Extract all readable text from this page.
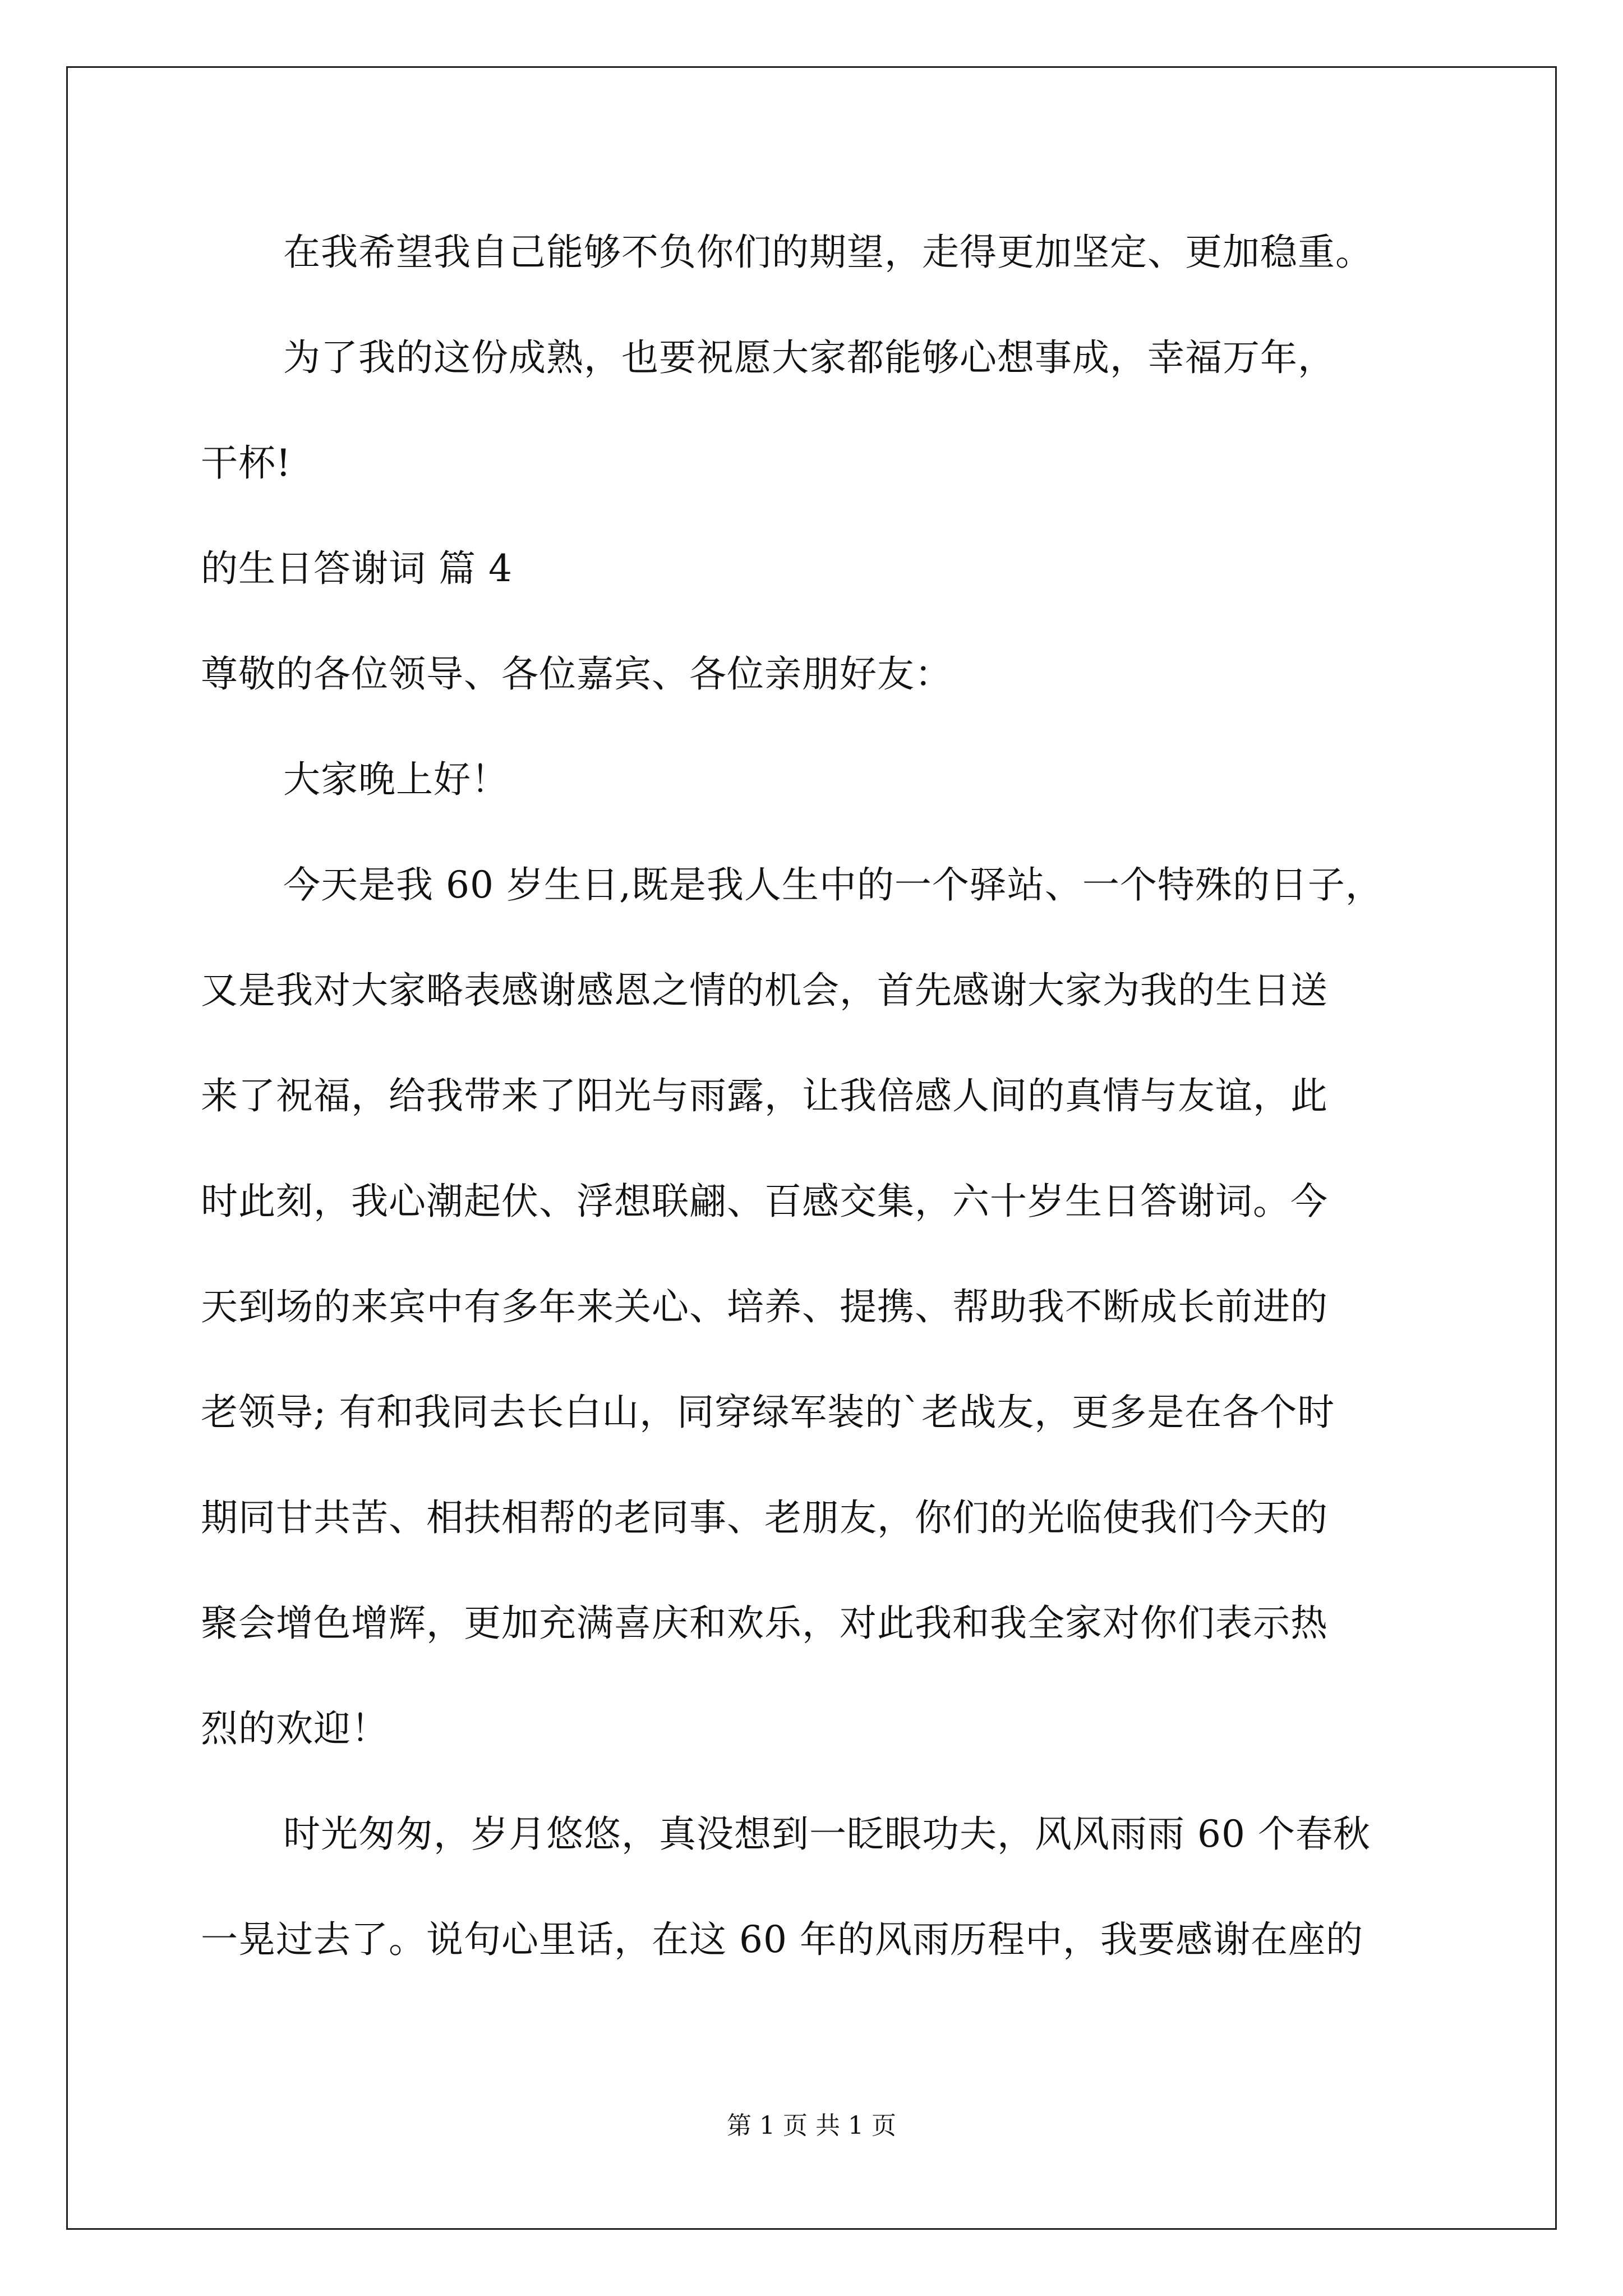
在我希望我自己能够不负你们的期望，走得更加坚定、更加稳重。
为了我的这份成熟，也要祝愿大家都能够心想事成，幸福万年，
干杯!
的生日答谢词 篇 4
尊敬的各位领导、各位嘉宾、各位亲朋好友：
大家晚上好！
今天是我 60 岁生日,既是我人生中的一个驿站、一个特殊的日子，
又是我对大家略表感谢感恩之情的机会，首先感谢大家为我的生日送
来了祝福，给我带来了阳光与雨露，让我倍感人间的真情与友谊，此
时此刻，我心潮起伏、浮想联翩、百感交集，六十岁生日答谢词。今
天到场的来宾中有多年来关心、培养、提携、帮助我不断成长前进的
老领导; 有和我同去长白山，同穿绿军装的`老战友，更多是在各个时
期同甘共苦、相扶相帮的老同事、老朋友，你们的光临使我们今天的
聚会增色增辉，更加充满喜庆和欢乐，对此我和我全家对你们表示热
烈的欢迎！
时光匆匆，岁月悠悠，真没想到一眨眼功夫，风风雨雨 60 个春秋
一晃过去了。说句心里话，在这 60 年的风雨历程中，我要感谢在座的
第 1 页 共 1 页
